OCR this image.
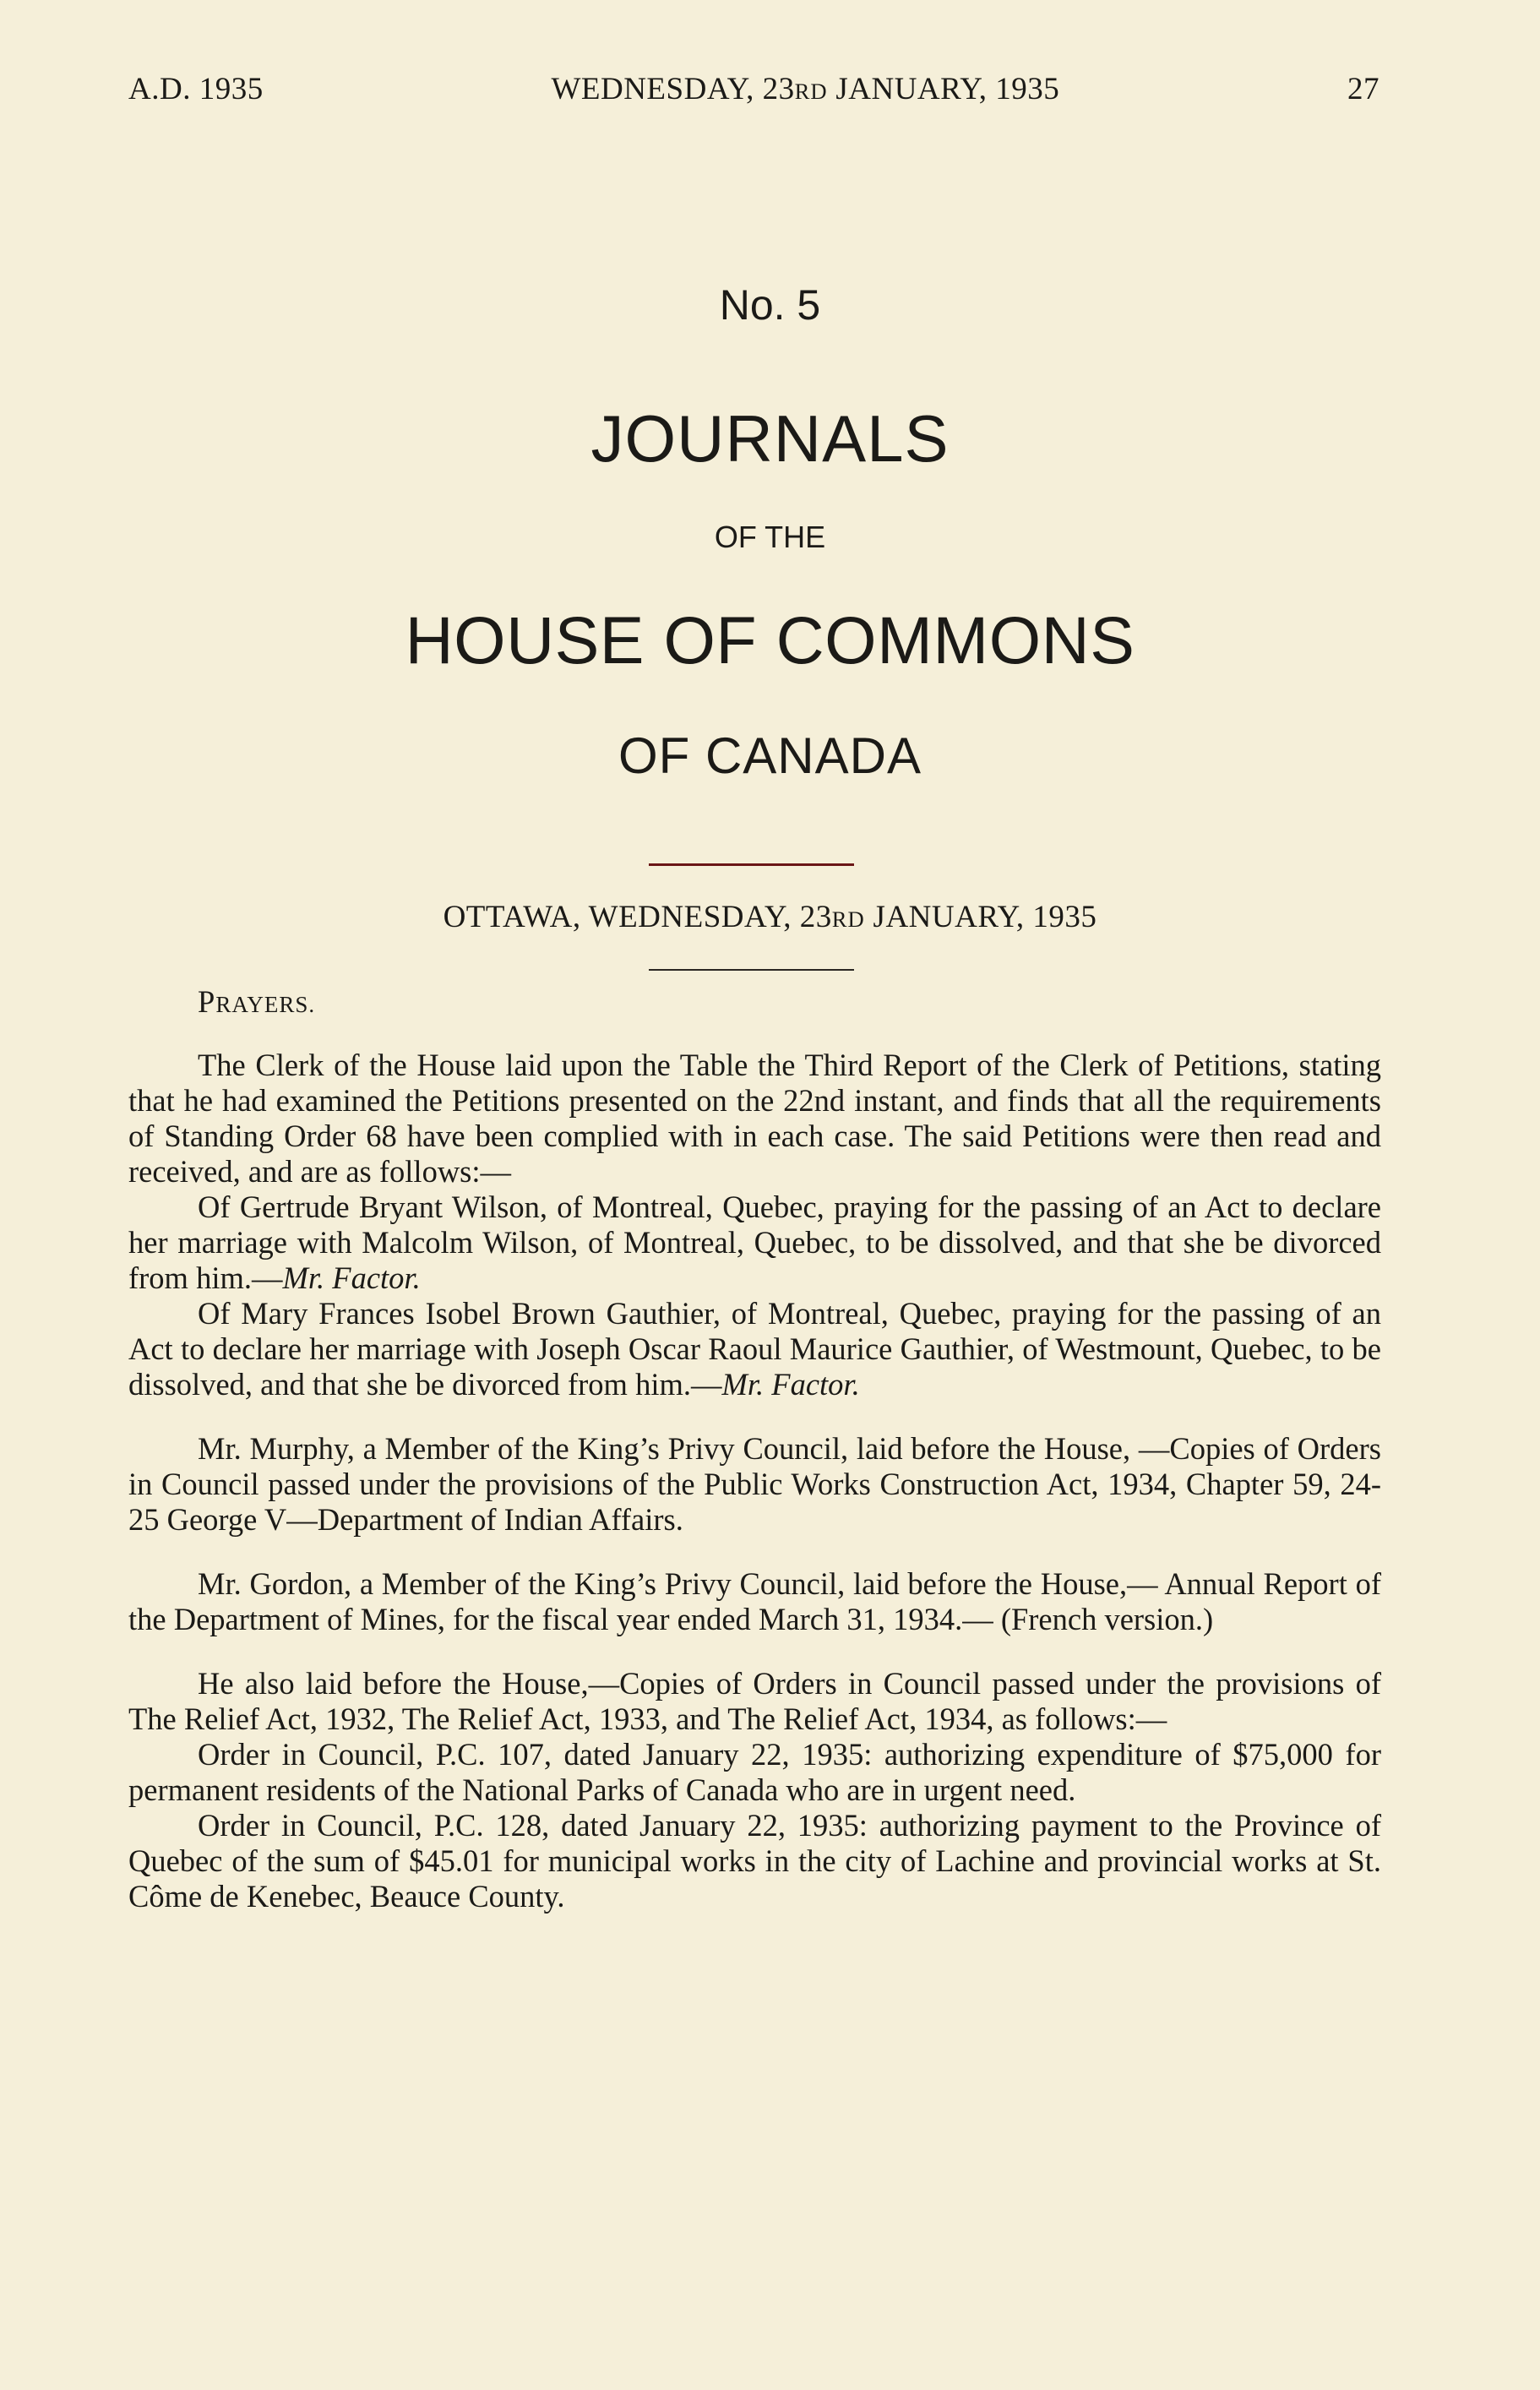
A.D. 1935	WEDNESDAY, 23RD JANUARY, 1935	27
No. 5
JOURNALS
OF THE
HOUSE OF COMMONS
OF CANADA
OTTAWA, WEDNESDAY, 23RD JANUARY, 1935

PRAYERS.

The Clerk of the House laid upon the Table the Third Report of the Clerk of Petitions, stating that he had examined the Petitions presented on the 22nd instant, and finds that all the requirements of Standing Order 68 have been complied with in each case. The said Petitions were then read and received, and are as follows:—

Of Gertrude Bryant Wilson, of Montreal, Quebec, praying for the passing of an Act to declare her marriage with Malcolm Wilson, of Montreal, Quebec, to be dissolved, and that she be divorced from him.—Mr. Factor.

Of Mary Frances Isobel Brown Gauthier, of Montreal, Quebec, praying for the passing of an Act to declare her marriage with Joseph Oscar Raoul Maurice Gauthier, of Westmount, Quebec, to be dissolved, and that she be divorced from him.—Mr. Factor.

Mr. Murphy, a Member of the King’s Privy Council, laid before the House, —Copies of Orders in Council passed under the provisions of the Public Works Construction Act, 1934, Chapter 59, 24-25 George V—Department of Indian Affairs.

Mr. Gordon, a Member of the King’s Privy Council, laid before the House,— Annual Report of the Department of Mines, for the fiscal year ended March 31, 1934.— (French version.)

He also laid before the House,—Copies of Orders in Council passed under the provisions of The Relief Act, 1932, The Relief Act, 1933, and The Relief Act, 1934, as follows:—

Order in Council, P.C. 107, dated January 22, 1935: authorizing expenditure of $75,000 for permanent residents of the National Parks of Canada who are in urgent need.

Order in Council, P.C. 128, dated January 22, 1935: authorizing payment to the Province of Quebec of the sum of $45.01 for municipal works in the city of Lachine and provincial works at St. Côme de Kenebec, Beauce County.
